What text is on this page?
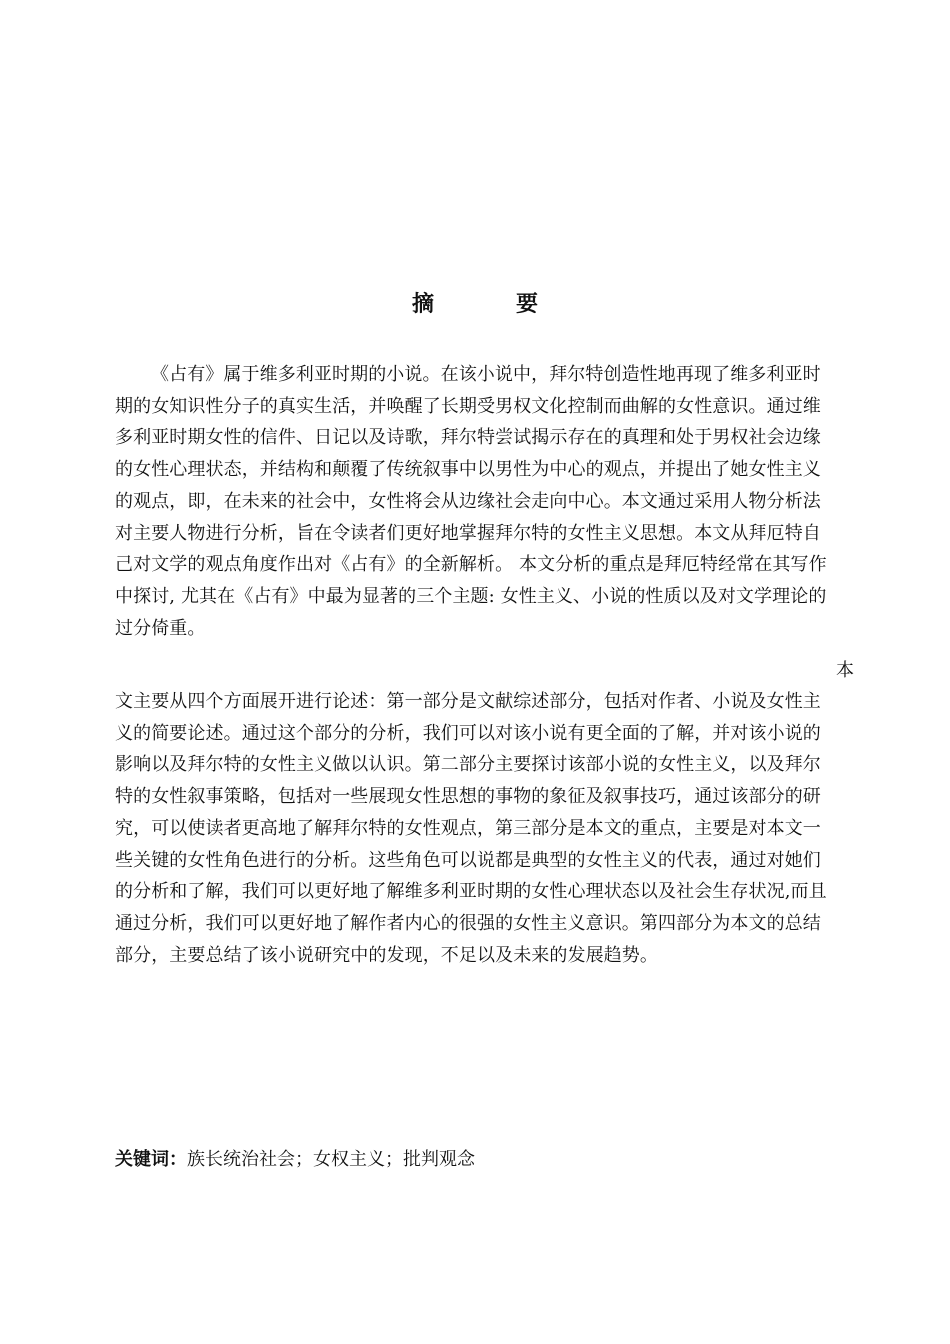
摘　要

《占有》属于维多利亚时期的小说。在该小说中，拜尔特创造性地再现了维多利亚时期的女知识性分子的真实生活，并唤醒了长期受男权文化控制而曲解的女性意识。通过维多利亚时期女性的信件、日记以及诗歌，拜尔特尝试揭示存在的真理和处于男权社会边缘的女性心理状态，并结构和颠覆了传统叙事中以男性为中心的观点，并提出了她女性主义的观点，即，在未来的社会中，女性将会从边缘社会走向中心。本文通过采用人物分析法对主要人物进行分析，旨在令读者们更好地掌握拜尔特的女性主义思想。本文从拜厄特自己对文学的观点角度作出对《占有》的全新解析。 本文分析的重点是拜厄特经常在其写作中探讨, 尤其在《占有》中最为显著的三个主题: 女性主义、小说的性质以及对文学理论的过分倚重。

本

文主要从四个方面展开进行论述：第一部分是文献综述部分，包括对作者、小说及女性主义的简要论述。通过这个部分的分析，我们可以对该小说有更全面的了解，并对该小说的影响以及拜尔特的女性主义做以认识。第二部分主要探讨该部小说的女性主义，以及拜尔特的女性叙事策略，包括对一些展现女性思想的事物的象征及叙事技巧，通过该部分的研究，可以使读者更高地了解拜尔特的女性观点，第三部分是本文的重点，主要是对本文一些关键的女性角色进行的分析。这些角色可以说都是典型的女性主义的代表，通过对她们的分析和了解，我们可以更好地了解维多利亚时期的女性心理状态以及社会生存状况,而且通过分析，我们可以更好地了解作者内心的很强的女性主义意识。第四部分为本文的总结部分，主要总结了该小说研究中的发现，不足以及未来的发展趋势。

关键词：族长统治社会；女权主义；批判观念
